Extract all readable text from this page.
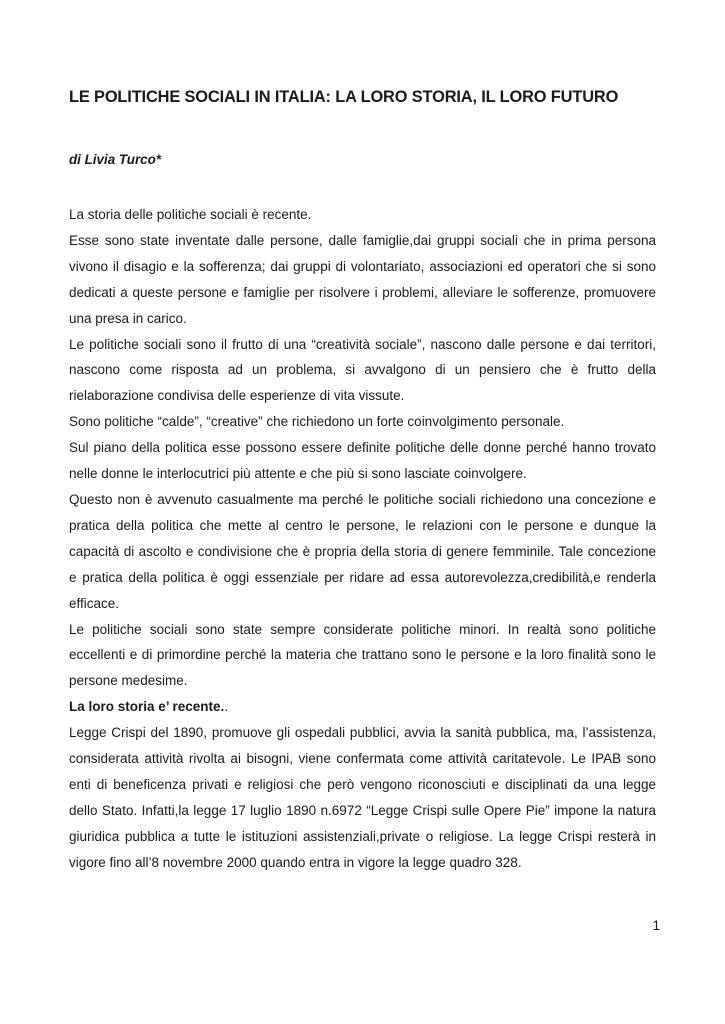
LE POLITICHE SOCIALI IN ITALIA: LA LORO STORIA, IL LORO FUTURO

di Livia Turco*

La storia delle politiche sociali è recente.

Esse sono state inventate dalle persone, dalle famiglie,dai gruppi sociali che in prima persona vivono il disagio e la sofferenza; dai gruppi di volontariato, associazioni ed operatori che si sono dedicati a queste persone e famiglie per risolvere i problemi, alleviare le sofferenze, promuovere una presa in carico.

Le politiche sociali sono il frutto di una “creatività sociale”, nascono dalle persone e dai territori, nascono come risposta ad un problema, si avvalgono di un pensiero che è frutto della rielaborazione condivisa delle esperienze di vita vissute.

Sono politiche “calde”, “creative” che richiedono un forte coinvolgimento personale.

Sul piano della politica esse possono essere definite politiche delle donne perché hanno trovato nelle donne le interlocutrici più attente e che più si sono lasciate coinvolgere.

Questo non è avvenuto casualmente ma perché le politiche sociali richiedono una concezione e pratica della politica che mette al centro le persone, le relazioni con le persone e dunque la capacità di ascolto e condivisione che è propria della storia di genere femminile. Tale concezione e pratica della politica è oggi essenziale per ridare ad essa autorevolezza,credibilità,e renderla efficace.

Le politiche sociali sono state sempre considerate politiche minori. In realtà sono politiche eccellenti e di primordine perché la materia che trattano sono le persone e la loro finalità sono le persone medesime.

La loro storia e’ recente..

Legge Crispi del 1890, promuove gli ospedali pubblici, avvia la sanità pubblica, ma, l’assistenza, considerata attività rivolta ai bisogni, viene confermata come attività caritatevole. Le IPAB sono enti di beneficenza privati e religiosi che però vengono riconosciuti e disciplinati da una legge dello Stato. Infatti,la legge 17 luglio 1890 n.6972 “Legge Crispi sulle Opere Pie” impone la natura giuridica pubblica a tutte le istituzioni assistenziali,private o religiose. La legge Crispi resterà in vigore fino all’8 novembre 2000 quando entra in vigore la legge quadro 328.

1
